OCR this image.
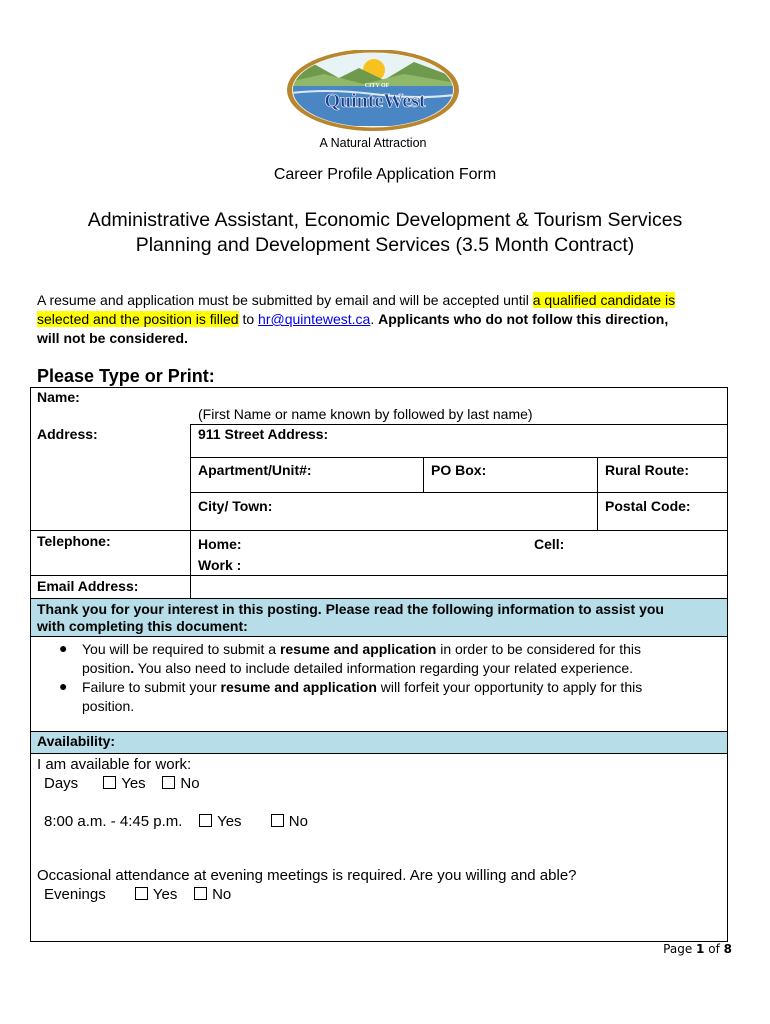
CITY OF
QuinteWest
A Natural Attraction
Career Profile Application Form
Administrative Assistant, Economic Development & Tourism Services
Planning and Development Services (3.5 Month Contract)
A resume and application must be submitted by email and will be accepted until a qualified candidate is
selected and the position is filled to hr@quintewest.ca. Applicants who do not follow this direction,
will not be considered.
Please Type or Print:
Name:
(First Name or name known by followed by last name)
Address:	911 Street Address:
Apartment/Unit#:	PO Box:	Rural Route:
City/ Town:	Postal Code:
Telephone:	Home:	Cell:
Work :
Email Address:
Thank you for your interest in this posting. Please read the following information to assist you
with completing this document:
● You will be required to submit a resume and application in order to be considered for this
position. You also need to include detailed information regarding your related experience.
● Failure to submit your resume and application will forfeit your opportunity to apply for this
position.
Availability:
I am available for work:
Days	Yes No
8:00 a.m. - 4:45 p.m. Yes	No
Occasional attendance at evening meetings is required. Are you willing and able?
Evenings	Yes No
Page 1 of 8
